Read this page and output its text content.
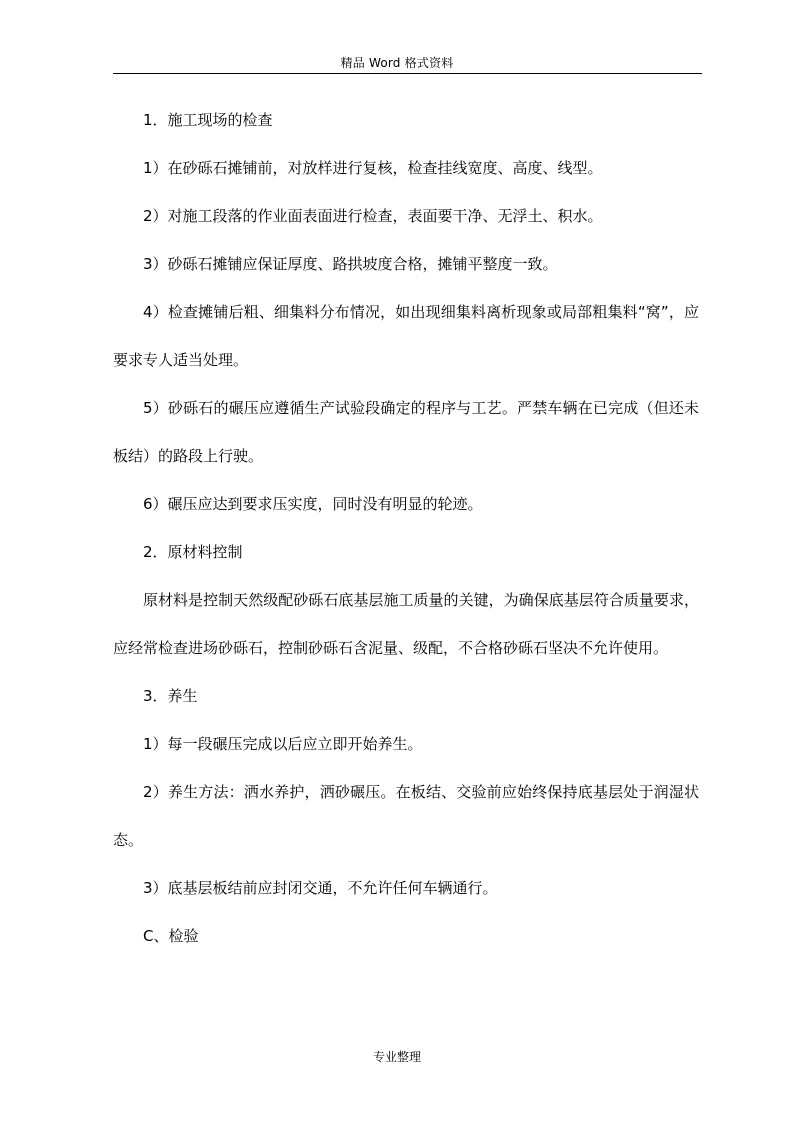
精品 Word 格式资料

1．施工现场的检查

1）在砂砾石摊铺前，对放样进行复核，检查挂线宽度、高度、线型。

2）对施工段落的作业面表面进行检查，表面要干净、无浮土、积水。

3）砂砾石摊铺应保证厚度、路拱坡度合格，摊铺平整度一致。

4）检查摊铺后粗、细集料分布情况，如出现细集料离析现象或局部粗集料“窝”，应要求专人适当处理。

5）砂砾石的碾压应遵循生产试验段确定的程序与工艺。严禁车辆在已完成（但还未板结）的路段上行驶。

6）碾压应达到要求压实度，同时没有明显的轮迹。

2．原材料控制

原材料是控制天然级配砂砾石底基层施工质量的关键，为确保底基层符合质量要求，应经常检查进场砂砾石，控制砂砾石含泥量、级配，不合格砂砾石坚决不允许使用。

3．养生

1）每一段碾压完成以后应立即开始养生。

2）养生方法：洒水养护，洒砂碾压。在板结、交验前应始终保持底基层处于润湿状态。

3）底基层板结前应封闭交通，不允许任何车辆通行。

C、检验

专业整理
